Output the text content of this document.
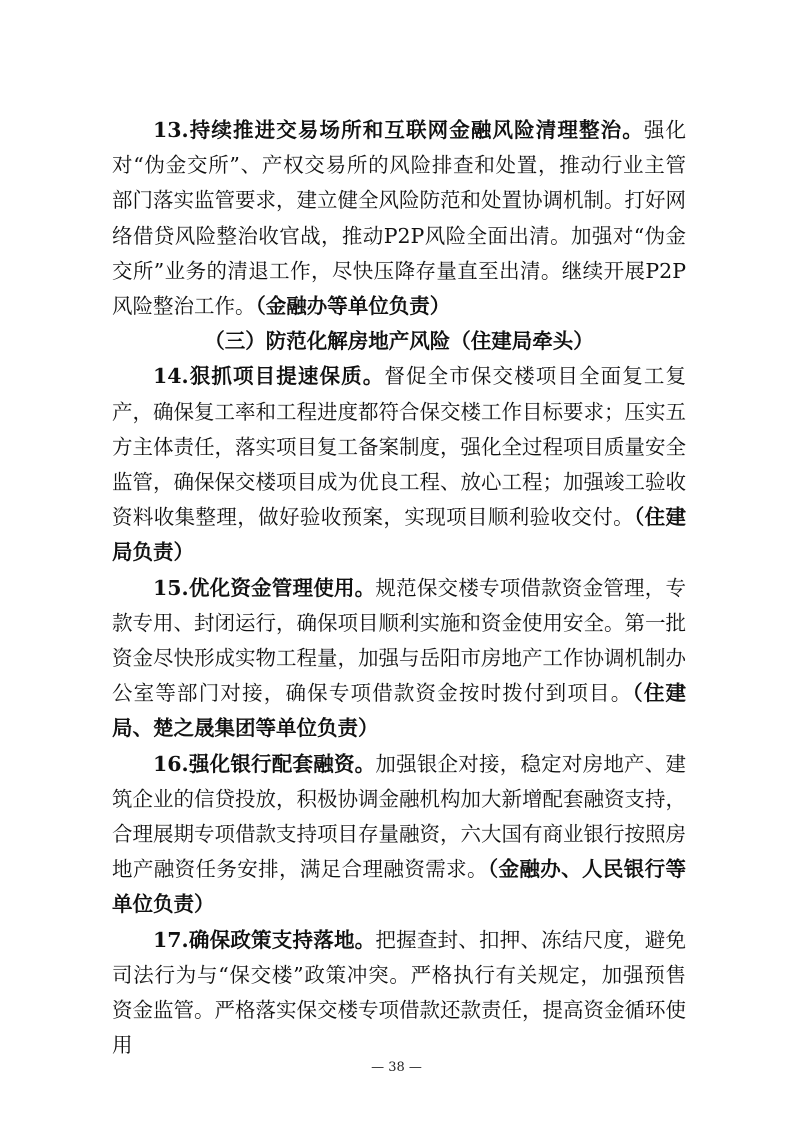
13.持续推进交易场所和互联网金融风险清理整治。强化对“伪金交所”、产权交易所的风险排查和处置，推动行业主管部门落实监管要求，建立健全风险防范和处置协调机制。打好网络借贷风险整治收官战，推动P2P风险全面出清。加强对“伪金交所”业务的清退工作，尽快压降存量直至出清。继续开展P2P风险整治工作。（金融办等单位负责）

（三）防范化解房地产风险（住建局牵头）

14.狠抓项目提速保质。督促全市保交楼项目全面复工复产，确保复工率和工程进度都符合保交楼工作目标要求；压实五方主体责任，落实项目复工备案制度，强化全过程项目质量安全监管，确保保交楼项目成为优良工程、放心工程；加强竣工验收资料收集整理，做好验收预案，实现项目顺利验收交付。（住建局负责）

15.优化资金管理使用。规范保交楼专项借款资金管理，专款专用、封闭运行，确保项目顺利实施和资金使用安全。第一批资金尽快形成实物工程量，加强与岳阳市房地产工作协调机制办公室等部门对接，确保专项借款资金按时拨付到项目。（住建局、楚之晟集团等单位负责）

16.强化银行配套融资。加强银企对接，稳定对房地产、建筑企业的信贷投放，积极协调金融机构加大新增配套融资支持，合理展期专项借款支持项目存量融资，六大国有商业银行按照房地产融资任务安排，满足合理融资需求。（金融办、人民银行等单位负责）

17.确保政策支持落地。把握查封、扣押、冻结尺度，避免司法行为与“保交楼”政策冲突。严格执行有关规定，加强预售资金监管。严格落实保交楼专项借款还款责任，提高资金循环使用

— 38 —
